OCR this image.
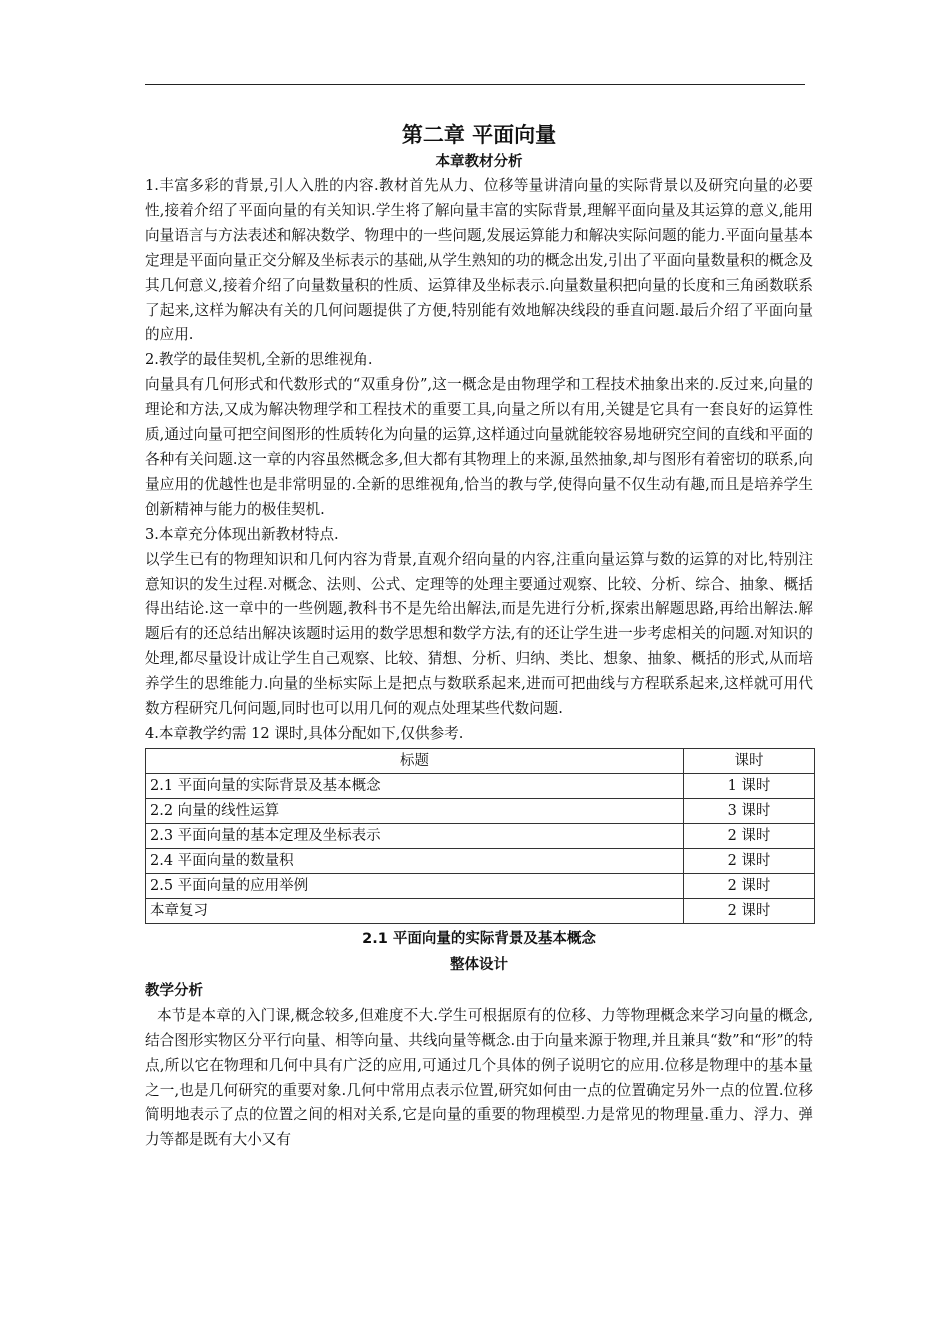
第二章 平面向量
本章教材分析

1.丰富多彩的背景,引人入胜的内容.教材首先从力、位移等量讲清向量的实际背景以及研究向量的必要性,接着介绍了平面向量的有关知识.学生将了解向量丰富的实际背景,理解平面向量及其运算的意义,能用向量语言与方法表述和解决数学、物理中的一些问题,发展运算能力和解决实际问题的能力.平面向量基本定理是平面向量正交分解及坐标表示的基础,从学生熟知的功的概念出发,引出了平面向量数量积的概念及其几何意义,接着介绍了向量数量积的性质、运算律及坐标表示.向量数量积把向量的长度和三角函数联系了起来,这样为解决有关的几何问题提供了方便,特别能有效地解决线段的垂直问题.最后介绍了平面向量的应用.

2.教学的最佳契机,全新的思维视角.

向量具有几何形式和代数形式的“双重身份”,这一概念是由物理学和工程技术抽象出来的.反过来,向量的理论和方法,又成为解决物理学和工程技术的重要工具,向量之所以有用,关键是它具有一套良好的运算性质,通过向量可把空间图形的性质转化为向量的运算,这样通过向量就能较容易地研究空间的直线和平面的各种有关问题.这一章的内容虽然概念多,但大都有其物理上的来源,虽然抽象,却与图形有着密切的联系,向量应用的优越性也是非常明显的.全新的思维视角,恰当的教与学,使得向量不仅生动有趣,而且是培养学生创新精神与能力的极佳契机.

3.本章充分体现出新教材特点.

以学生已有的物理知识和几何内容为背景,直观介绍向量的内容,注重向量运算与数的运算的对比,特别注意知识的发生过程.对概念、法则、公式、定理等的处理主要通过观察、比较、分析、综合、抽象、概括得出结论.这一章中的一些例题,教科书不是先给出解法,而是先进行分析,探索出解题思路,再给出解法.解题后有的还总结出解决该题时运用的数学思想和数学方法,有的还让学生进一步考虑相关的问题.对知识的处理,都尽量设计成让学生自己观察、比较、猜想、分析、归纳、类比、想象、抽象、概括的形式,从而培养学生的思维能力.向量的坐标实际上是把点与数联系起来,进而可把曲线与方程联系起来,这样就可用代数方程研究几何问题,同时也可以用几何的观点处理某些代数问题.

4.本章教学约需 12 课时,具体分配如下,仅供参考.

标题	课时
2.1 平面向量的实际背景及基本概念	1 课时
2.2 向量的线性运算	3 课时
2.3 平面向量的基本定理及坐标表示	2 课时
2.4 平面向量的数量积	2 课时
2.5 平面向量的应用举例	2 课时
本章复习	2 课时
2.1 平面向量的实际背景及基本概念
整体设计
教学分析

本节是本章的入门课,概念较多,但难度不大.学生可根据原有的位移、力等物理概念来学习向量的概念,结合图形实物区分平行向量、相等向量、共线向量等概念.由于向量来源于物理,并且兼具“数”和“形”的特点,所以它在物理和几何中具有广泛的应用,可通过几个具体的例子说明它的应用.位移是物理中的基本量之一,也是几何研究的重要对象.几何中常用点表示位置,研究如何由一点的位置确定另外一点的位置.位移简明地表示了点的位置之间的相对关系,它是向量的重要的物理模型.力是常见的物理量.重力、浮力、弹力等都是既有大小又有
